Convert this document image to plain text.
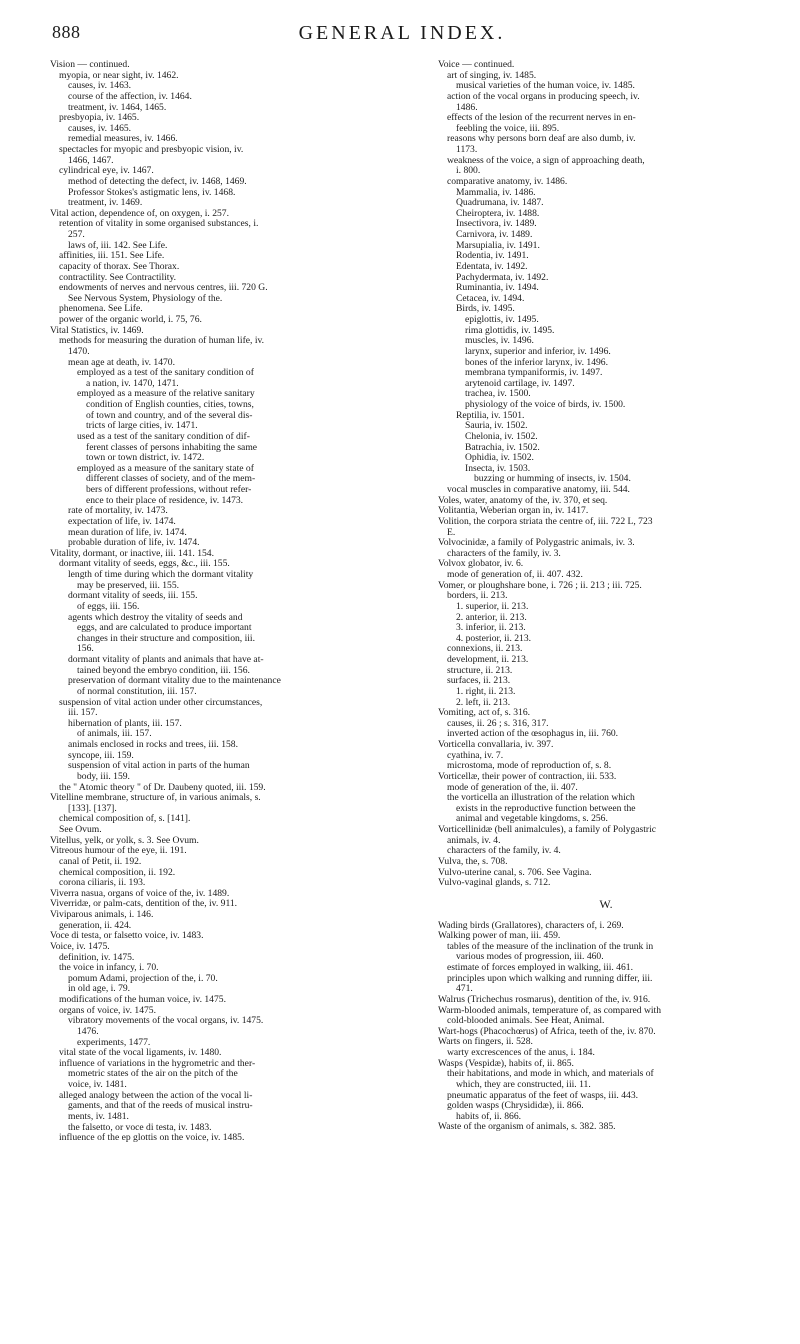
888	GENERAL INDEX.
Vision — continued.
myopia, or near sight, iv. 1462.
causes, iv. 1463.
course of the affection, iv. 1464.
treatment, iv. 1464, 1465.
presbyopia, iv. 1465.
causes, iv. 1465.
remedial measures, iv. 1466.
spectacles for myopic and presbyopic vision, iv.
1466, 1467.
cylindrical eye, iv. 1467.
method of detecting the defect, iv. 1468, 1469.
Professor Stokes's astigmatic lens, iv. 1468.
treatment, iv. 1469.
Vital action, dependence of, on oxygen, i. 257.
retention of vitality in some organised substances, i.
257.
laws of, iii. 142. See Life.
affinities, iii. 151. See Life.
capacity of thorax. See Thorax.
contractility. See Contractility.
endowments of nerves and nervous centres, iii. 720 G.
See Nervous System, Physiology of the.
phenomena. See Life.
power of the organic world, i. 75, 76.
Vital Statistics, iv. 1469.
methods for measuring the duration of human life, iv.
1470.
mean age at death, iv. 1470.
employed as a test of the sanitary condition of
a nation, iv. 1470, 1471.
employed as a measure of the relative sanitary
condition of English counties, cities, towns,
of town and country, and of the several dis-
tricts of large cities, iv. 1471.
used as a test of the sanitary condition of dif-
ferent classes of persons inhabiting the same
town or town district, iv. 1472.
employed as a measure of the sanitary state of
different classes of society, and of the mem-
bers of different professions, without refer-
ence to their place of residence, iv. 1473.
rate of mortality, iv. 1473.
expectation of life, iv. 1474.
mean duration of life, iv. 1474.
probable duration of life, iv. 1474.
Vitality, dormant, or inactive, iii. 141. 154.
dormant vitality of seeds, eggs, &c., iii. 155.
length of time during which the dormant vitality
may be preserved, iii. 155.
dormant vitality of seeds, iii. 155.
of eggs, iii. 156.
agents which destroy the vitality of seeds and
eggs, and are calculated to produce important
changes in their structure and composition, iii.
156.
dormant vitality of plants and animals that have at-
tained beyond the embryo condition, iii. 156.
preservation of dormant vitality due to the maintenance
of normal constitution, iii. 157.
suspension of vital action under other circumstances,
iii. 157.
hibernation of plants, iii. 157.
of animals, iii. 157.
animals enclosed in rocks and trees, iii. 158.
syncope, iii. 159.
suspension of vital action in parts of the human
body, iii. 159.
the " Atomic theory " of Dr. Daubeny quoted, iii. 159.
Vitelline membrane, structure of, in various animals, s.
[133]. [137].
chemical composition of, s. [141].
See Ovum.
Vitellus, yelk, or yolk, s. 3. See Ovum.
Vitreous humour of the eye, ii. 191.
canal of Petit, ii. 192.
chemical composition, ii. 192.
corona ciliaris, ii. 193.
Viverra nasua, organs of voice of the, iv. 1489.
Viverridæ, or palm-cats, dentition of the, iv. 911.
Viviparous animals, i. 146.
generation, ii. 424.
Voce di testa, or falsetto voice, iv. 1483.
Voice, iv. 1475.
definition, iv. 1475.
the voice in infancy, i. 70.
pomum Adami, projection of the, i. 70.
in old age, i. 79.
modifications of the human voice, iv. 1475.
organs of voice, iv. 1475.
vibratory movements of the vocal organs, iv. 1475.
1476.
experiments, 1477.
vital state of the vocal ligaments, iv. 1480.
influence of variations in the hygrometric and ther-
mometric states of the air on the pitch of the
voice, iv. 1481.
alleged analogy between the action of the vocal li-
gaments, and that of the reeds of musical instru-
ments, iv. 1481.
the falsetto, or voce di testa, iv. 1483.
influence of the ep glottis on the voice, iv. 1485.
Voice — continued.
art of singing, iv. 1485.
musical varieties of the human voice, iv. 1485.
action of the vocal organs in producing speech, iv.
1486.
effects of the lesion of the recurrent nerves in en-
feebling the voice, iii. 895.
reasons why persons born deaf are also dumb, iv.
1173.
weakness of the voice, a sign of approaching death,
i. 800.
comparative anatomy, iv. 1486.
Mammalia, iv. 1486.
Quadrumana, iv. 1487.
Cheiroptera, iv. 1488.
Insectivora, iv. 1489.
Carnivora, iv. 1489.
Marsupialia, iv. 1491.
Rodentia, iv. 1491.
Edentata, iv. 1492.
Pachydermata, iv. 1492.
Ruminantia, iv. 1494.
Cetacea, iv. 1494.
Birds, iv. 1495.
epiglottis, iv. 1495.
rima glottidis, iv. 1495.
muscles, iv. 1496.
larynx, superior and inferior, iv. 1496.
bones of the inferior larynx, iv. 1496.
membrana tympaniformis, iv. 1497.
arytenoid cartilage, iv. 1497.
trachea, iv. 1500.
physiology of the voice of birds, iv. 1500.
Reptilia, iv. 1501.
Sauria, iv. 1502.
Chelonia, iv. 1502.
Batrachia, iv. 1502.
Ophidia, iv. 1502.
Insecta, iv. 1503.
buzzing or humming of insects, iv. 1504.
vocal muscles in comparative anatomy, iii. 544.
Voles, water, anatomy of the, iv. 370, et seq.
Volitantia, Weberian organ in, iv. 1417.
Volition, the corpora striata the centre of, iii. 722 L, 723
E.
Volvocinidæ, a family of Polygastric animals, iv. 3.
characters of the family, iv. 3.
Volvox globator, iv. 6.
mode of generation of, ii. 407. 432.
Vomer, or ploughshare bone, i. 726 ; ii. 213 ; iii. 725.
borders, ii. 213.
1. superior, ii. 213.
2. anterior, ii. 213.
3. inferior, ii. 213.
4. posterior, ii. 213.
connexions, ii. 213.
development, ii. 213.
structure, ii. 213.
surfaces, ii. 213.
1. right, ii. 213.
2. left, ii. 213.
Vomiting, act of, s. 316.
causes, ii. 26 ; s. 316, 317.
inverted action of the œsophagus in, iii. 760.
Vorticella convallaria, iv. 397.
cyathina, iv. 7.
microstoma, mode of reproduction of, s. 8.
Vorticellæ, their power of contraction, iii. 533.
mode of generation of the, ii. 407.
the vorticella an illustration of the relation which
exists in the reproductive function between the
animal and vegetable kingdoms, s. 256.
Vorticellinidæ (bell animalcules), a family of Polygastric
animals, iv. 4.
characters of the family, iv. 4.
Vulva, the, s. 708.
Vulvo-uterine canal, s. 706. See Vagina.
Vulvo-vaginal glands, s. 712.
W.
Wading birds (Grallatores), characters of, i. 269.
Walking power of man, iii. 459.
tables of the measure of the inclination of the trunk in
various modes of progression, iii. 460.
estimate of forces employed in walking, iii. 461.
principles upon which walking and running differ, iii.
471.
Walrus (Trichechus rosmarus), dentition of the, iv. 916.
Warm-blooded animals, temperature of, as compared with
cold-blooded animals. See Heat, Animal.
Wart-hogs (Phacochœrus) of Africa, teeth of the, iv. 870.
Warts on fingers, ii. 528.
warty excrescences of the anus, i. 184.
Wasps (Vespidæ), habits of, ii. 865.
their habitations, and mode in which, and materials of
which, they are constructed, iii. 11.
pneumatic apparatus of the feet of wasps, iii. 443.
golden wasps (Chrysididæ), ii. 866.
habits of, ii. 866.
Waste of the organism of animals, s. 382. 385.
